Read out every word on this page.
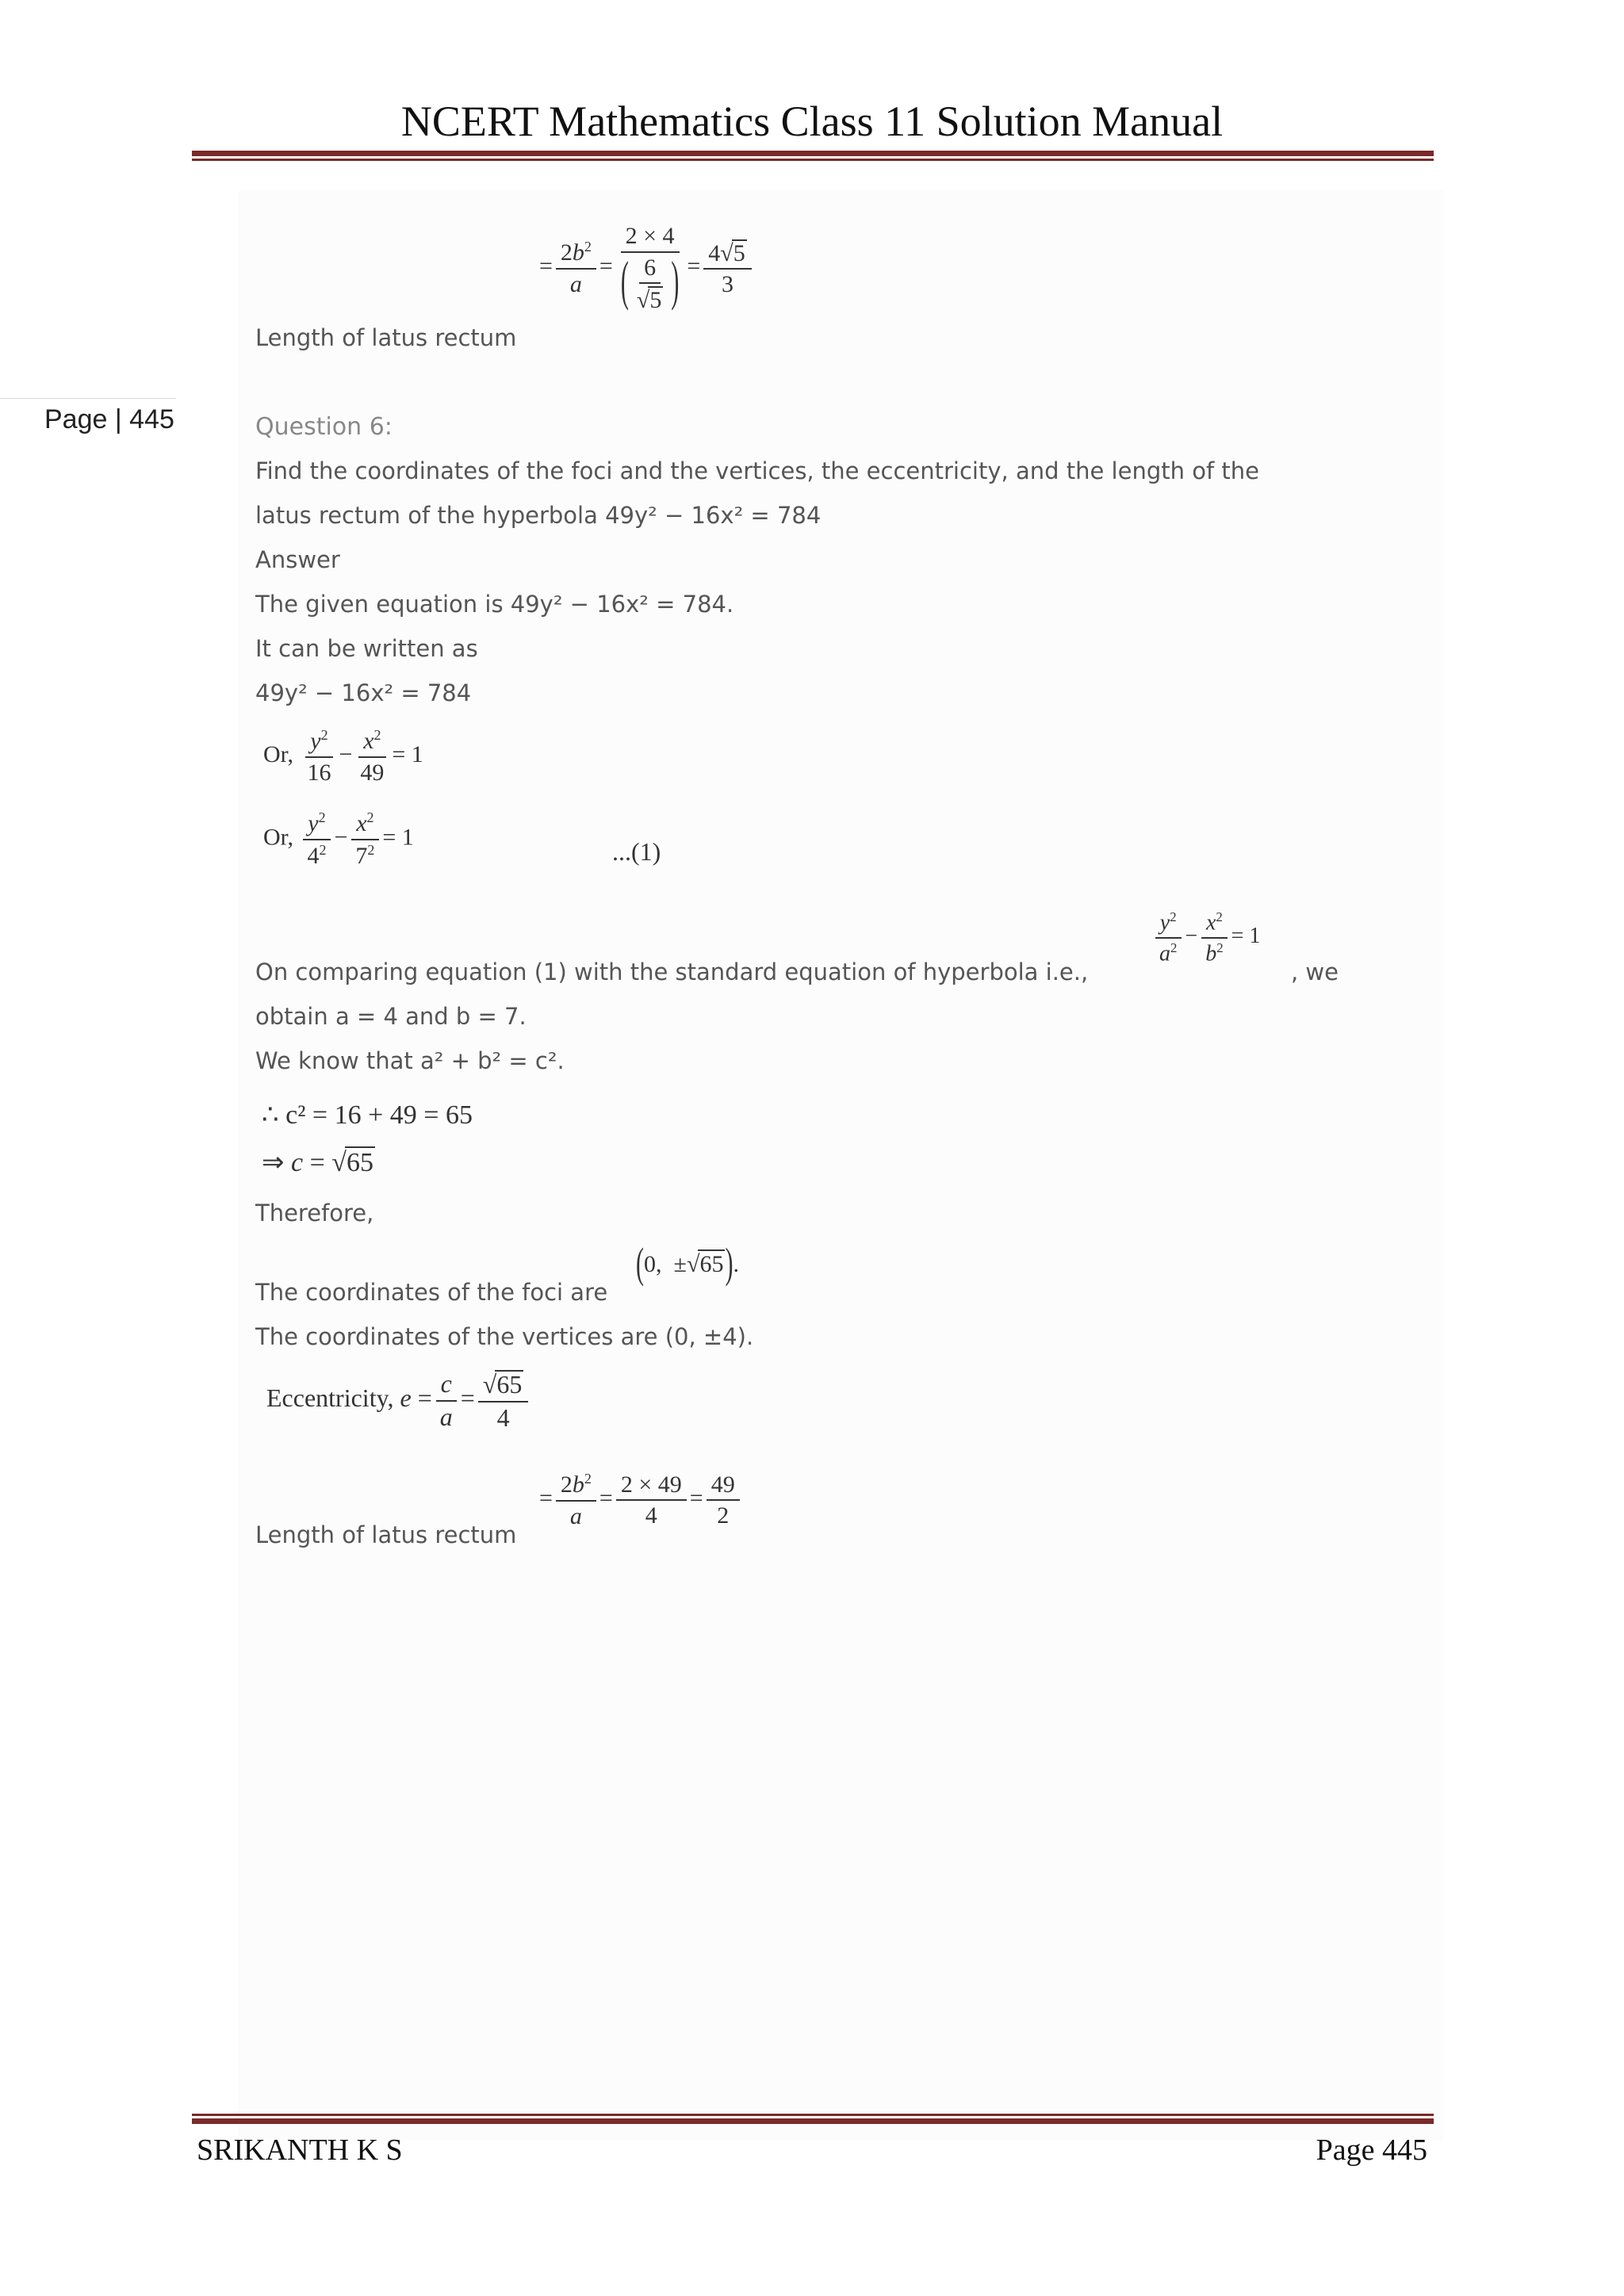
NCERT Mathematics Class 11 Solution Manual
Page | 445
= $\frac{2b^2}{a} = \frac{2 \times 4}{( \frac{6}{√5} )} = \frac{4√5}{3}$
Length of latus rectum
Question 6:
Find the coordinates of the foci and the vertices, the eccentricity, and the length of the
latus rectum of the hyperbola 49y² − 16x² = 784
Answer
The given equation is 49y² − 16x² = 784.
It can be written as
49y² − 16x² = 784
Or, $\frac{y^2}{16} - \frac{x^2}{49} = 1$
Or, $\frac{y^2}{4^2} - \frac{x^2}{7^2} = 1$
...(1)
On comparing equation (1) with the standard equation of hyperbola i.e.,
$\frac{y^2}{a^2} - \frac{x^2}{b^2} = 1$
, we
obtain a = 4 and b = 7.
We know that a² + b² = c².
∴ c² = 16 + 49 = 65
⇒ c = √65
Therefore,
The coordinates of the foci are
(0,  ±√65).
The coordinates of the vertices are (0, ±4).
Eccentricity, $e = \frac{c}{a} = \frac{√65}{4}$
= $\frac{2b^2}{a} = \frac{2 \times 49}{4} = \frac{49}{2}$
Length of latus rectum
SRIKANTH K S	Page 445
